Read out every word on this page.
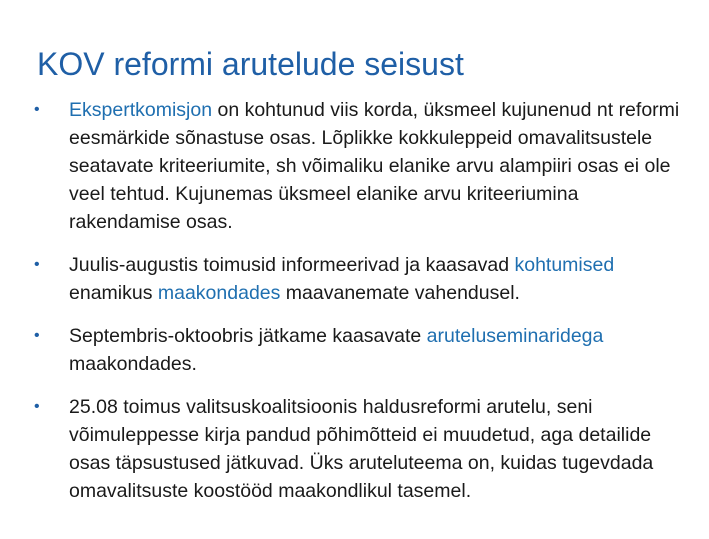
KOV reformi arutelude seisust
• Ekspertkomisjon on kohtunud viis korda, üksmeel kujunenud nt reformi eesmärkide sõnastuse osas. Lõplikke kokkuleppeid omavalitsustele seatavate kriteeriumite, sh võimaliku elanike arvu alampiiri osas ei ole veel tehtud. Kujunemas üksmeel elanike arvu kriteeriumina rakendamise osas.
• Juulis-augustis toimusid informeerivad ja kaasavad kohtumised enamikus maakondades maavanemate vahendusel.
• Septembris-oktoobris jätkame kaasavate aruteluseminaridega maakondades.
• 25.08 toimus valitsuskoalitsioonis haldusreformi arutelu, seni võimuleppesse kirja pandud põhimõtteid ei muudetud, aga detailide osas täpsustused jätkuvad. Üks aruteluteema on, kuidas tugevdada omavalitsuste koostööd maakondlikul tasemel.
